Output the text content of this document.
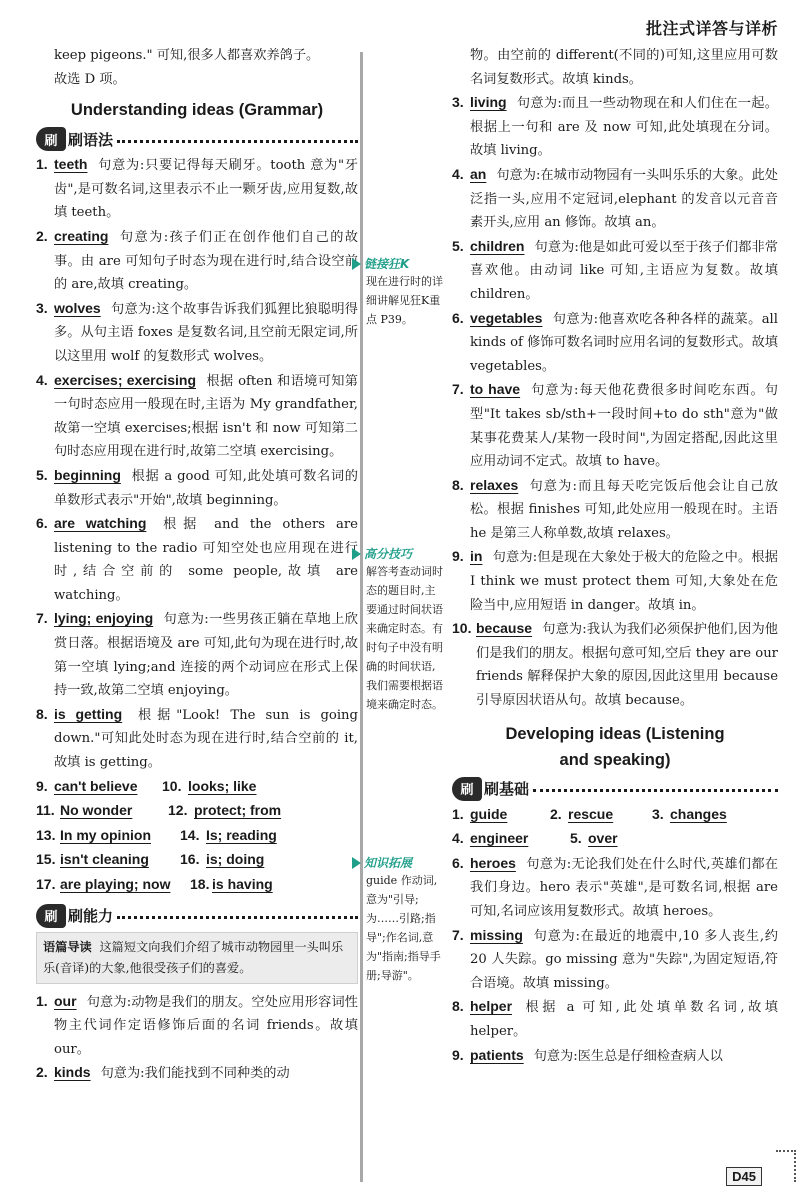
批注式详答与详析
keep pigeons." 可知,很多人都喜欢养鸽子。
故选 D 项。
Understanding ideas (Grammar)
刷 刷语法
1. teeth 句意为:只要记得每天刷牙。tooth 意为"牙齿",是可数名词,这里表示不止一颗牙齿,应用复数,故填 teeth。
2. creating 句意为:孩子们正在创作他们自己的故事。由 are 可知句子时态为现在进行时,结合设空前的 are,故填 creating。
3. wolves 句意为:这个故事告诉我们狐狸比狼聪明得多。从句主语 foxes 是复数名词,且空前无限定词,所以这里用 wolf 的复数形式 wolves。
4. exercises; exercising 根据 often 和语境可知第一句时态应用一般现在时,主语为 My grandfather,故第一空填 exercises;根据 isn't 和 now 可知第二句时态应用现在进行时,故第二空填 exercising。
5. beginning 根据 a good 可知,此处填可数名词的单数形式表示"开始",故填 beginning。
6. are watching 根据 and the others are listening to the radio 可知空处也应用现在进行时,结合空前的 some people,故填 are watching。
7. lying; enjoying 句意为:一些男孩正躺在草地上欣赏日落。根据语境及 are 可知,此句为现在进行时,故第一空填 lying;and 连接的两个动词应在形式上保持一致,故第二空填 enjoying。
8. is getting 根据"Look! The sun is going down."可知此处时态为现在进行时,结合空前的 it,故填 is getting。
9. can't believe	10. looks; like
11. No wonder	12. protect; from
13. In my opinion	14. Is; reading
15. isn't cleaning	16. is; doing
17. are playing; now	18. is having
刷 刷能力
语篇导读 这篇短文向我们介绍了城市动物园里一头叫乐乐(音译)的大象,他很受孩子们的喜爱。
1. our 句意为:动物是我们的朋友。空处应用形容词性物主代词作定语修饰后面的名词 friends。故填 our。
2. kinds 句意为:我们能找到不同种类的动
链接狂K
现在进行时的详细讲解见狂K重点 P39。
高分技巧
解答考查动词时态的题目时,主要通过时间状语来确定时态。有时句子中没有明确的时间状语,我们需要根据语境来确定时态。
知识拓展
guide 作动词,意为"引导;为……引路;指导";作名词,意为"指南;指导手册;导游"。
物。由空前的 different(不同的)可知,这里应用可数名词复数形式。故填 kinds。
3. living 句意为:而且一些动物现在和人们住在一起。根据上一句和 are 及 now 可知,此处填现在分词。故填 living。
4. an 句意为:在城市动物园有一头叫乐乐的大象。此处泛指一头,应用不定冠词,elephant 的发音以元音音素开头,应用 an 修饰。故填 an。
5. children 句意为:他是如此可爱以至于孩子们都非常喜欢他。由动词 like 可知,主语应为复数。故填 children。
6. vegetables 句意为:他喜欢吃各种各样的蔬菜。all kinds of 修饰可数名词时应用名词的复数形式。故填 vegetables。
7. to have 句意为:每天他花费很多时间吃东西。句型"It takes sb/sth+一段时间+to do sth"意为"做某事花费某人/某物一段时间",为固定搭配,因此这里应用动词不定式。故填 to have。
8. relaxes 句意为:而且每天吃完饭后他会让自己放松。根据 finishes 可知,此处应用一般现在时。主语 he 是第三人称单数,故填 relaxes。
9. in 句意为:但是现在大象处于极大的危险之中。根据 I think we must protect them 可知,大象处在危险当中,应用短语 in danger。故填 in。
10. because 句意为:我认为我们必须保护他们,因为他们是我们的朋友。根据句意可知,空后 they are our friends 解释保护大象的原因,因此这里用 because 引导原因状语从句。故填 because。
Developing ideas (Listening
and speaking)
刷 刷基础
1. guide	2. rescue	3. changes
4. engineer	5. over
6. heroes 句意为:无论我们处在什么时代,英雄们都在我们身边。hero 表示"英雄",是可数名词,根据 are 可知,名词应该用复数形式。故填 heroes。
7. missing 句意为:在最近的地震中,10 多人丧生,约 20 人失踪。go missing 意为"失踪",为固定短语,符合语境。故填 missing。
8. helper 根据 a 可知,此处填单数名词,故填 helper。
9. patients 句意为:医生总是仔细检查病人以
D45
